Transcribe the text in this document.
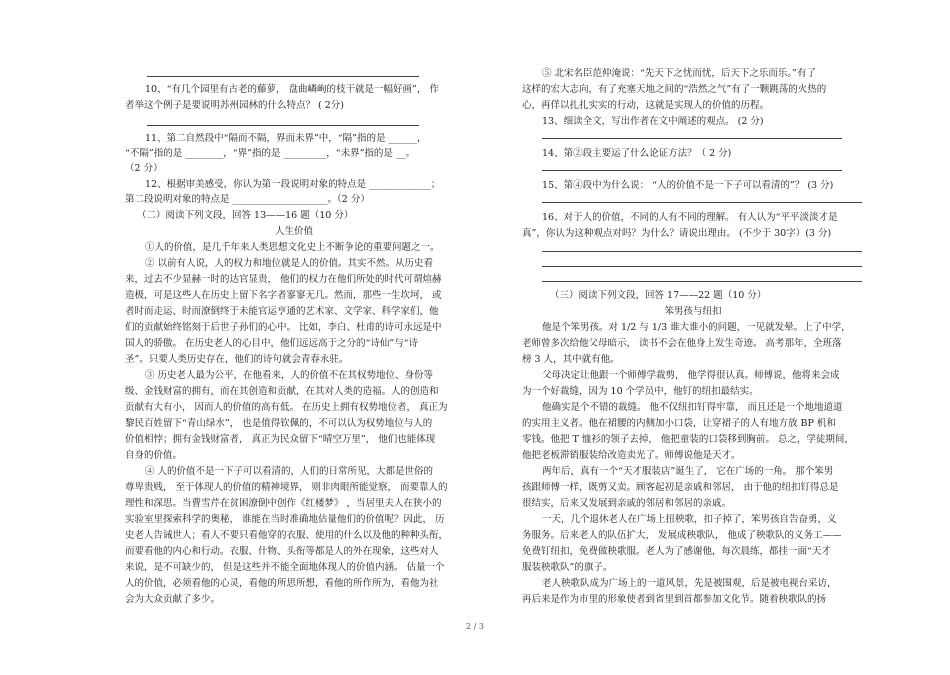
10、“有几个园里有古老的藤萝， 盘曲嶙峋的枝干就是一幅好画”， 作
者举这个例子是要说明苏州园林的什么特点？ ( 2分)
11、第二自然段中“隔而不隔，界而未界”中，“隔”指的是 ______，
“不隔”指的是 ________，“界”指的是 _________，“未界”指的是 __。
（2 分）
12、根据审美感受，你认为第一段说明对象的特点是 _____________；
第二段说明对象的特点是 ____________________。（2 分）
（二）阅读下列文段，回答 13——16 题（10 分）
人生价值
①人的价值，是几千年来人类思想文化史上不断争论的重要问题之一。
② 以前有人说，人的权力和地位就是人的价值。其实不然。从历史看
来，过去不少显赫一时的达官显贵， 他们的权力在他们所处的时代可谓煊赫
造极，可是这些人在历史上留下名字者寥寥无几。然而，那些一生坎坷， 或
者时而走运、时而潦倒终于未能官运亨通的艺术家、文学家、科学家们，他
们的贡献始终铭刻于后世子孙们的心中。 比如，李白、杜甫的诗可永远是中
国人的骄傲。 在历史老人的心目中，他们远远高于之分的“诗仙”与“诗
圣”。只要人类历史存在，他们的诗句就会青春永驻。
③ 历史老人最为公平，在他看来，人的价值不在其权势地位、身份等
级、金钱财富的拥有，而在其创造和贡献，在其对人类的造福。人的创造和
贡献有大有小， 因而人的价值的高有低。 在历史上拥有权势地位者， 真正为
黎民百姓留下“青山绿水”， 也是值得钦佩的，不可以认为权势地位与人的
价值相悖；拥有金钱财富者， 真正为民众留下“晴空万里”， 他们也能体现
自身的价值。
④ 人的价值不是一下子可以看清的，人们的日常所见，大都是世俗的
尊卑贵贱， 至于体现人的价值的精神境界， 则非肉眼所能觉察， 而要靠人的
理性和深思。当曹雪芹在贫困潦倒中创作《红楼梦》 ，当居里夫人在狭小的
实验室里探索科学的奥秘， 谁能在当时准确地估量他们的价值呢？因此， 历
史老人告诫世人；看人不要只看他穿的衣服、使用的什么以及他的种种头衔，
而要看他的内心和行动。衣服、什物、头衔等都是人的外在现象，这些对人
来说，是不可缺少的， 但是这些并不能全面地体现人的价值内涵。 估量一个
人的价值，必须看他的心灵，看他的所思所想，看他的所作所为，看他为社
会为大众贡献了多少。
⑤ 北宋名臣范仲淹说：“先天下之忧而忧，后天下之乐而乐。”有了
这样的宏大志向，有了充塞天地之间的“浩然之气”有了一颗跳荡的火热的
心，再佯以扎扎实实的行动，这就是实现人的价值的历程。
13、细读全文，写出作者在文中阐述的观点。 (2 分)
14、第②段主要运了什么论证方法？（ 2 分)
15、第④段中为什么说： “人的价值不是一下子可以看清的”？ (3 分)
16、对于人的价值，不同的人有不同的理解。 有人认为“平平淡淡才是
真”，你认为这种观点对吗？为什么？请说出理由。 (不少于 30字）(3 分)
（三）阅读下列文段，回答 17——22 题（10 分）
笨男孩与纽扣
他是个笨男孩。对 1/2 与 1/3 谁大谁小的问题，一见就发晕。上了中学，
老师曾多次给他父母暗示， 读书不会在他身上发生奇迹。 高考那年，全班落
榜 3 人，其中就有他。
父母决定让他跟一个师傅学裁剪， 他学得很认真。师傅说，他将来会成
为一个好裁缝，因为 10 个学员中，他钉的纽扣最结实。
他确实是个不错的裁缝。 他不仅纽扣钉得牢靠， 而且还是一个地地道道
的实用主义者。他在裙腰的内侧加小口袋，让穿裙子的人有地方放 BP 机和
零钱。他把 T 恤衫的领子去掉， 他把童装的口袋移到胸前。 总之，学徒期间，
他把老板滞销服装给改造卖光了。师傅说他是天才。
两年后，真有一个“天才服装店”诞生了， 它在广场的一角。 那个笨男
孩跟师傅一样，既剪又卖。顾客起初是亲戚和邻居， 由于他的纽扣钉得总是
很结实，后来又发展到亲戚的邻居和邻居的亲戚。
一天，几个退休老人在广场上扭秧歌，扣子掉了，笨男孩自告奋勇，义
务服务。后来老人的队伍扩大， 发展成秧歌队， 他成了秧歌队的义务工——
免费钉纽扣，免费做秧歌服。老人为了感谢他，每次晨练，都挂一面“天才
服装秧歌队”的旗子。
老人秧歌队成为广场上的一道风景，先是被围观，后是被电视台采访，
再后来是作为市里的形象使者到省里到首都参加文化节。随着秧歌队的扬
2 / 3
